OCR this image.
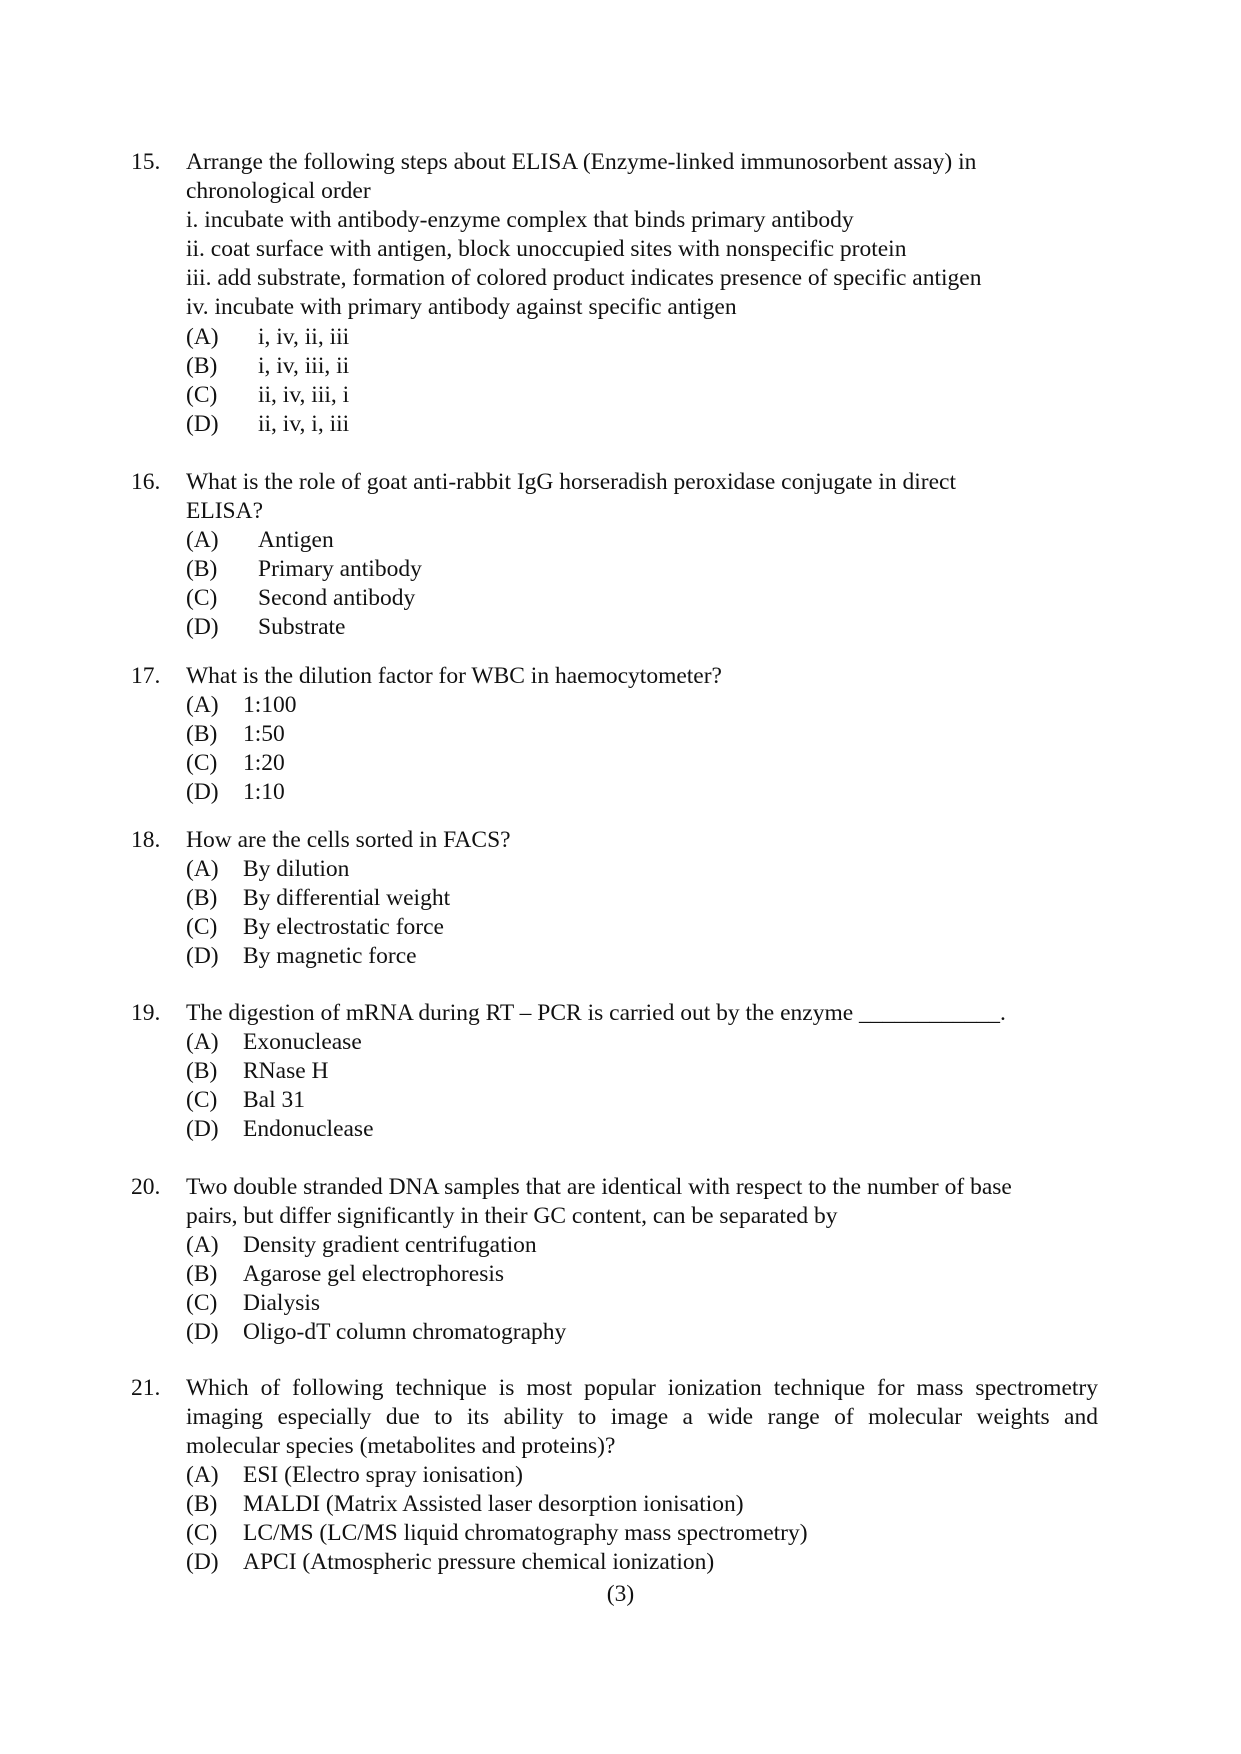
15. Arrange the following steps about ELISA (Enzyme-linked immunosorbent assay) in
chronological order
i. incubate with antibody-enzyme complex that binds primary antibody
ii. coat surface with antigen, block unoccupied sites with nonspecific protein
iii. add substrate, formation of colored product indicates presence of specific antigen
iv. incubate with primary antibody against specific antigen
(A) i, iv, ii, iii
(B) i, iv, iii, ii
(C) ii, iv, iii, i
(D) ii, iv, i, iii
16. What is the role of goat anti-rabbit IgG horseradish peroxidase conjugate in direct
ELISA?
(A) Antigen
(B) Primary antibody
(C) Second antibody
(D) Substrate
17. What is the dilution factor for WBC in haemocytometer?
(A) 1:100
(B) 1:50
(C) 1:20
(D) 1:10
18. How are the cells sorted in FACS?
(A) By dilution
(B) By differential weight
(C) By electrostatic force
(D) By magnetic force
19. The digestion of mRNA during RT – PCR is carried out by the enzyme ____________.
(A) Exonuclease
(B) RNase H
(C) Bal 31
(D) Endonuclease
20. Two double stranded DNA samples that are identical with respect to the number of base
pairs, but differ significantly in their GC content, can be separated by
(A) Density gradient centrifugation
(B) Agarose gel electrophoresis
(C) Dialysis
(D) Oligo-dT column chromatography
21. Which of following technique is most popular ionization technique for mass spectrometry
imaging especially due to its ability to image a wide range of molecular weights and
molecular species (metabolites and proteins)?
(A) ESI (Electro spray ionisation)
(B) MALDI (Matrix Assisted laser desorption ionisation)
(C) LC/MS (LC/MS liquid chromatography mass spectrometry)
(D) APCI (Atmospheric pressure chemical ionization)
(3)
